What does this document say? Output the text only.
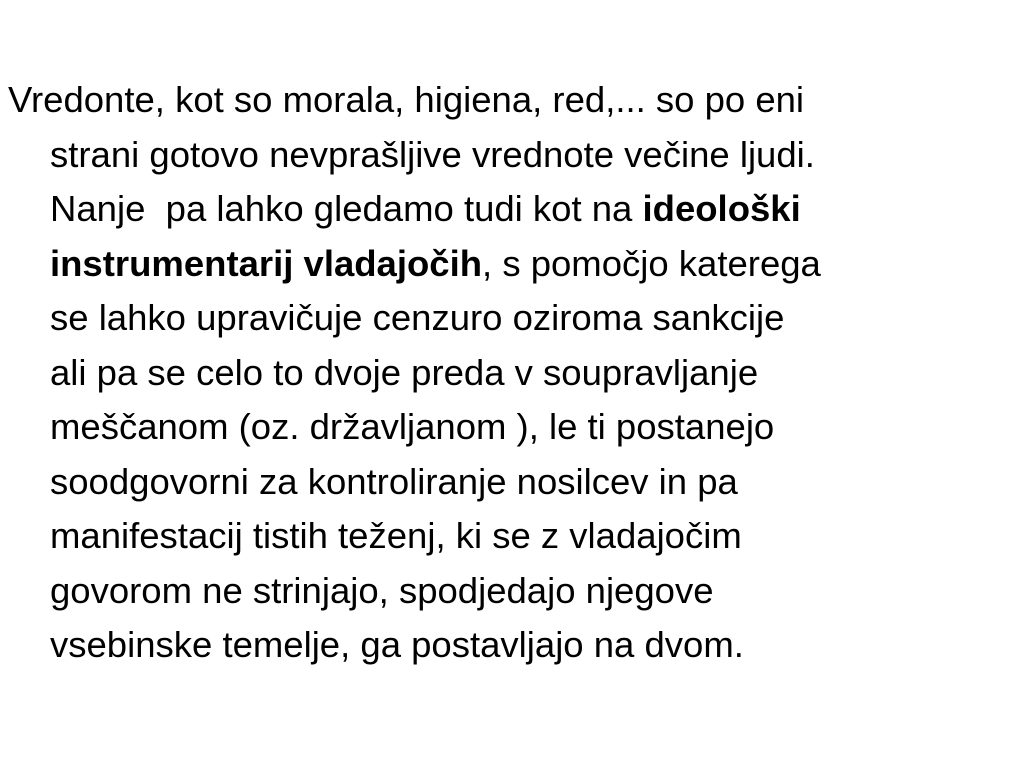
Vredonte, kot so morala, higiena, red,... so po eni
strani gotovo nevprašljive vrednote večine ljudi.
Nanje  pa lahko gledamo tudi kot na ideološki
instrumentarij vladajočih, s pomočjo katerega
se lahko upravičuje cenzuro oziroma sankcije
ali pa se celo to dvoje preda v soupravljanje
meščanom (oz. državljanom ), le ti postanejo
soodgovorni za kontroliranje nosilcev in pa
manifestacij tistih teženj, ki se z vladajočim
govorom ne strinjajo, spodjedajo njegove
vsebinske temelje, ga postavljajo na dvom.
